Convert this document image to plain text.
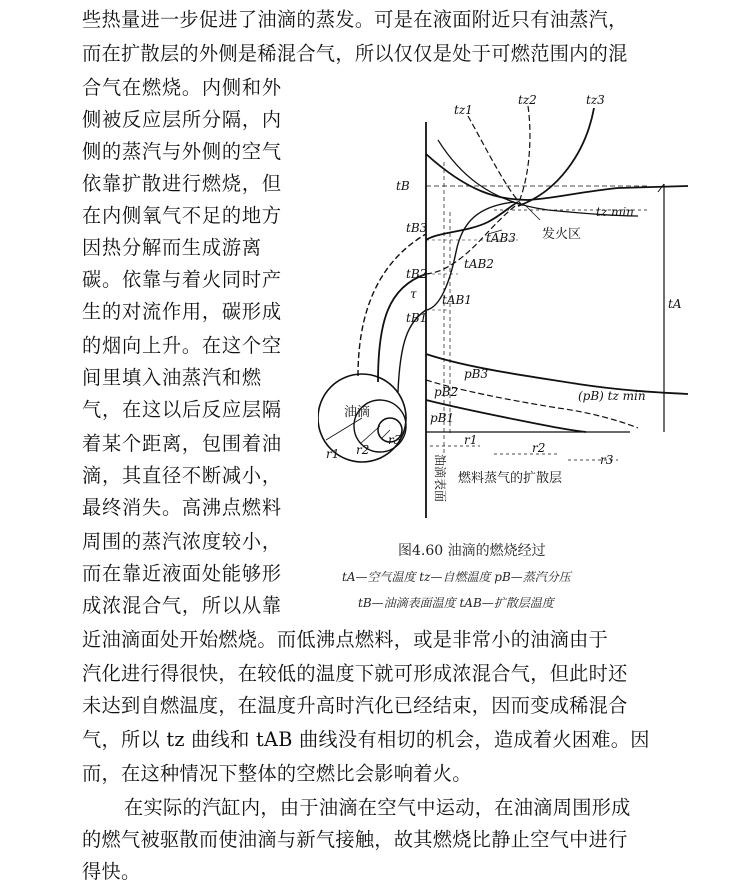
些热量进一步促进了油滴的蒸发。可是在液面附近只有油蒸汽，
而在扩散层的外侧是稀混合气，所以仅仅是处于可燃范围内的混
合气在燃烧。内侧和外
侧被反应层所分隔，内
侧的蒸汽与外侧的空气
依靠扩散进行燃烧，但
在内侧氧气不足的地方
因热分解而生成游离
碳。依靠与着火同时产
生的对流作用，碳形成
的烟向上升。在这个空
间里填入油蒸汽和燃
气，在这以后反应层隔
着某个距离，包围着油
滴，其直径不断减小，
最终消失。高沸点燃料
周围的蒸汽浓度较小，
而在靠近液面处能够形
成浓混合气，所以从靠
近油滴面处开始燃烧。而低沸点燃料，或是非常小的油滴由于
汽化进行得很快，在较低的温度下就可形成浓混合气，但此时还
未达到自燃温度，在温度升高时汽化已经结束，因而变成稀混合
气，所以 tz 曲线和 tAB 曲线没有相切的机会，造成着火困难。因
而，在这种情况下整体的空燃比会影响着火。
在实际的汽缸内，由于油滴在空气中运动，在油滴周围形成
的燃气被驱散而使油滴与新气接触，故其燃烧比静止空气中进行
得快。
tz1
tz2	tz3
tB
tz min
tAB3
tAB2
tAB1
tB3
tB2
tB1
tA
τ
pB3
pB2
pB1
(pB) tz min
r1 r2
r3	r1
r2
r3
发火区
油滴
燃料蒸气的扩散层
油滴表面
图4.60 油滴的燃烧经过
tA—空气温度 tz—自燃温度 pB—蒸汽分压
tB—油滴表面温度 tAB—扩散层温度
